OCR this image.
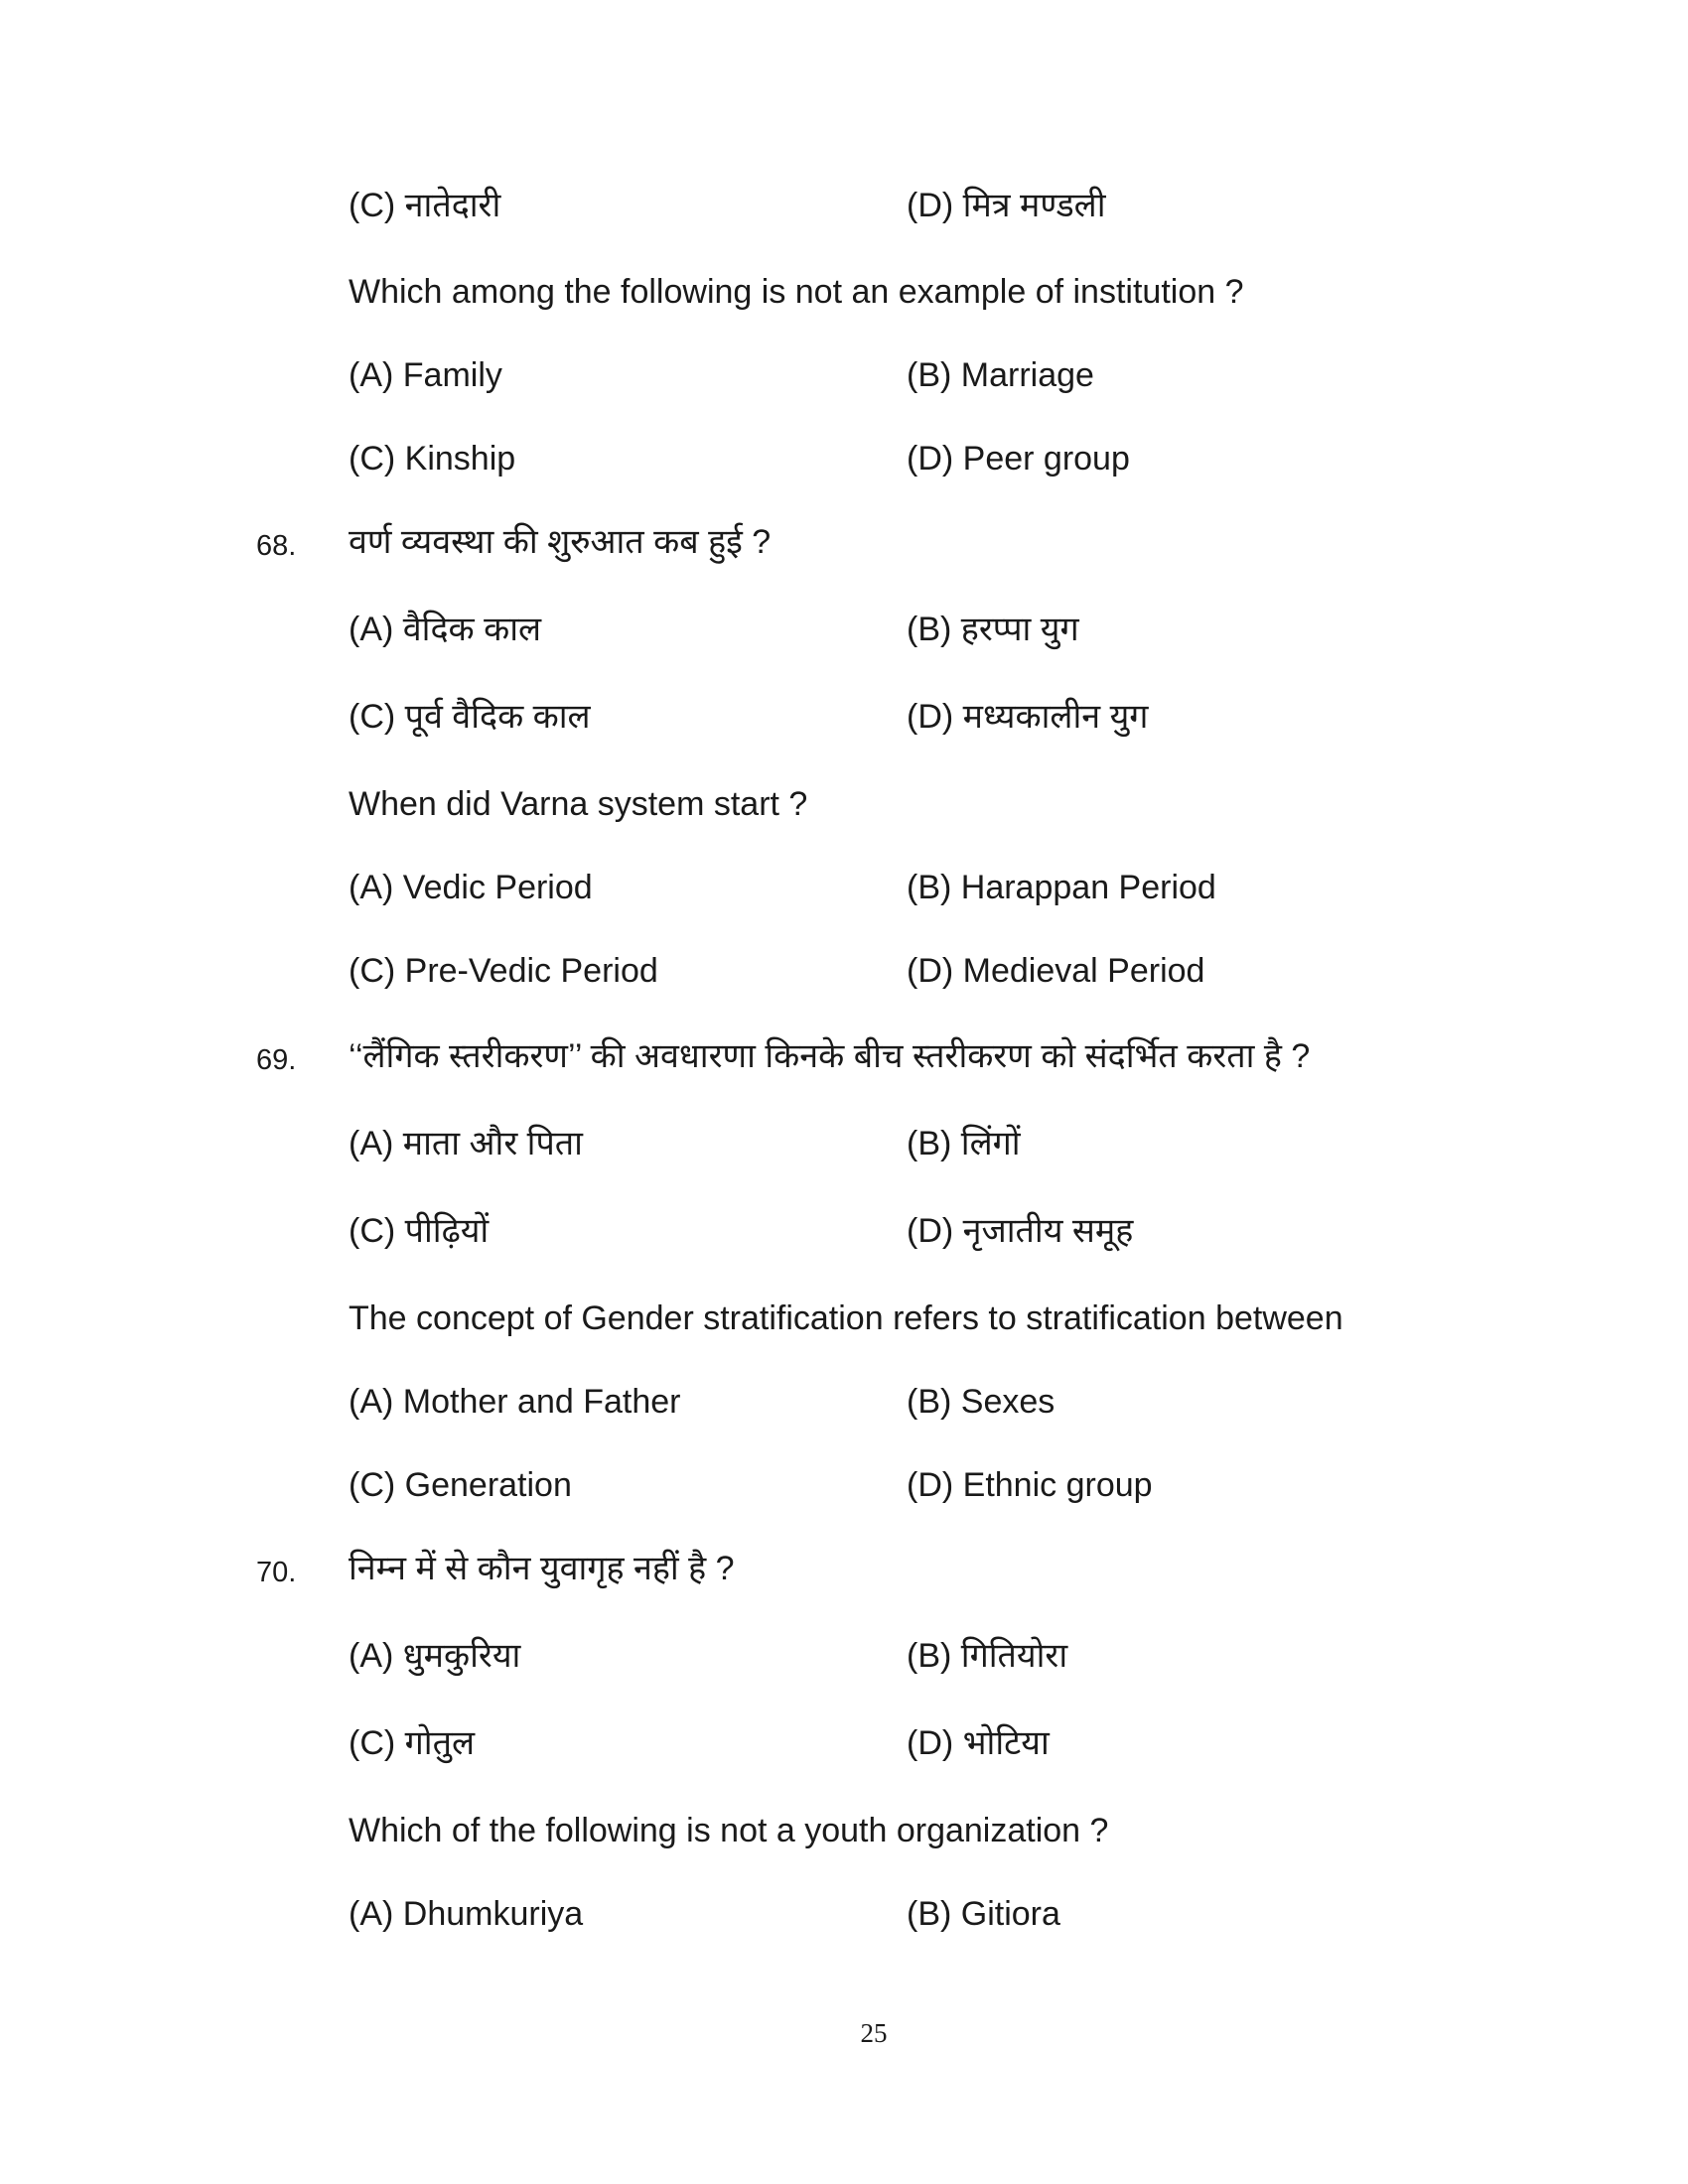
(C) नातेदारी	(D) मित्र मण्डली
Which among the following is not an example of institution ?
(A) Family	(B) Marriage
(C) Kinship	(D) Peer group
68. वर्ण व्यवस्था की शुरुआत कब हुई ?
(A) वैदिक काल	(B) हरप्पा युग
(C) पूर्व वैदिक काल	(D) मध्यकालीन युग
When did Varna system start ?
(A) Vedic Period	(B) Harappan Period
(C) Pre-Vedic Period	(D) Medieval Period
69. ‘‘लैंगिक स्तरीकरण’’ की अवधारणा किनके बीच स्तरीकरण को संदर्भित करता है ?
(A) माता और पिता	(B) लिंगों
(C) पीढ़ियों	(D) नृजातीय समूह
The concept of Gender stratification refers to stratification between
(A) Mother and Father	(B) Sexes
(C) Generation	(D) Ethnic group
70. निम्न में से कौन युवागृह नहीं है ?
(A) धुमकुरिया	(B) गितियोरा
(C) गोतुल	(D) भोटिया
Which of the following is not a youth organization ?
(A) Dhumkuriya	(B) Gitiora
25
